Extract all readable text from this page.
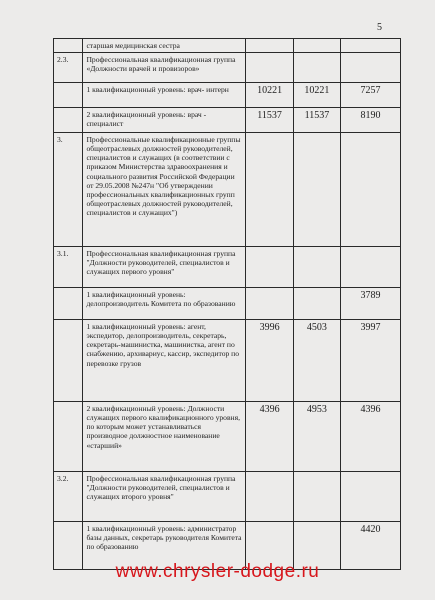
5
	старшая медицинская сестра			
2.3.	Профессиональная квалификационная группа «Должности врачей и провизоров»			
	1 квалификационный уровень: врач- интерн	10221	10221	7257
	2 квалификационный уровень: врач - специалист	11537	11537	8190
3.	Профессиональные квалификационные группы общеотраслевых должностей руководителей, специалистов и служащих (в соответствии с приказом Министерства здравоохранения и социального развития Российской Федерации от 29.05.2008 №247н "Об утверждении профессиональных квалификационных групп общеотраслевых должностей руководителей, специалистов и служащих")			
3.1.	Профессиональная квалификационная группа "Должности руководителей, специалистов и служащих первого уровня"			
	1 квалификационный уровень: делопроизводитель Комитета по образованию			3789
	1 квалификационный уровень: агент, экспедитор, делопроизводитель, секретарь, секретарь-машинистка, машинистка, агент по снабжению, архивариус, кассир, экспедитор по перевозке грузов	3996	4503	3997
	2 квалификационный уровень: Должности служащих первого квалификационного уровня, по которым может устанавливаться производное должностное наименование «старший»	4396	4953	4396
3.2.	Профессиональная квалификационная группа "Должности руководителей, специалистов и служащих второго уровня"			
	1 квалификационный уровень: администратор базы данных, секретарь руководителя Комитета по образованию			4420
www.chrysler-dodge.ru
